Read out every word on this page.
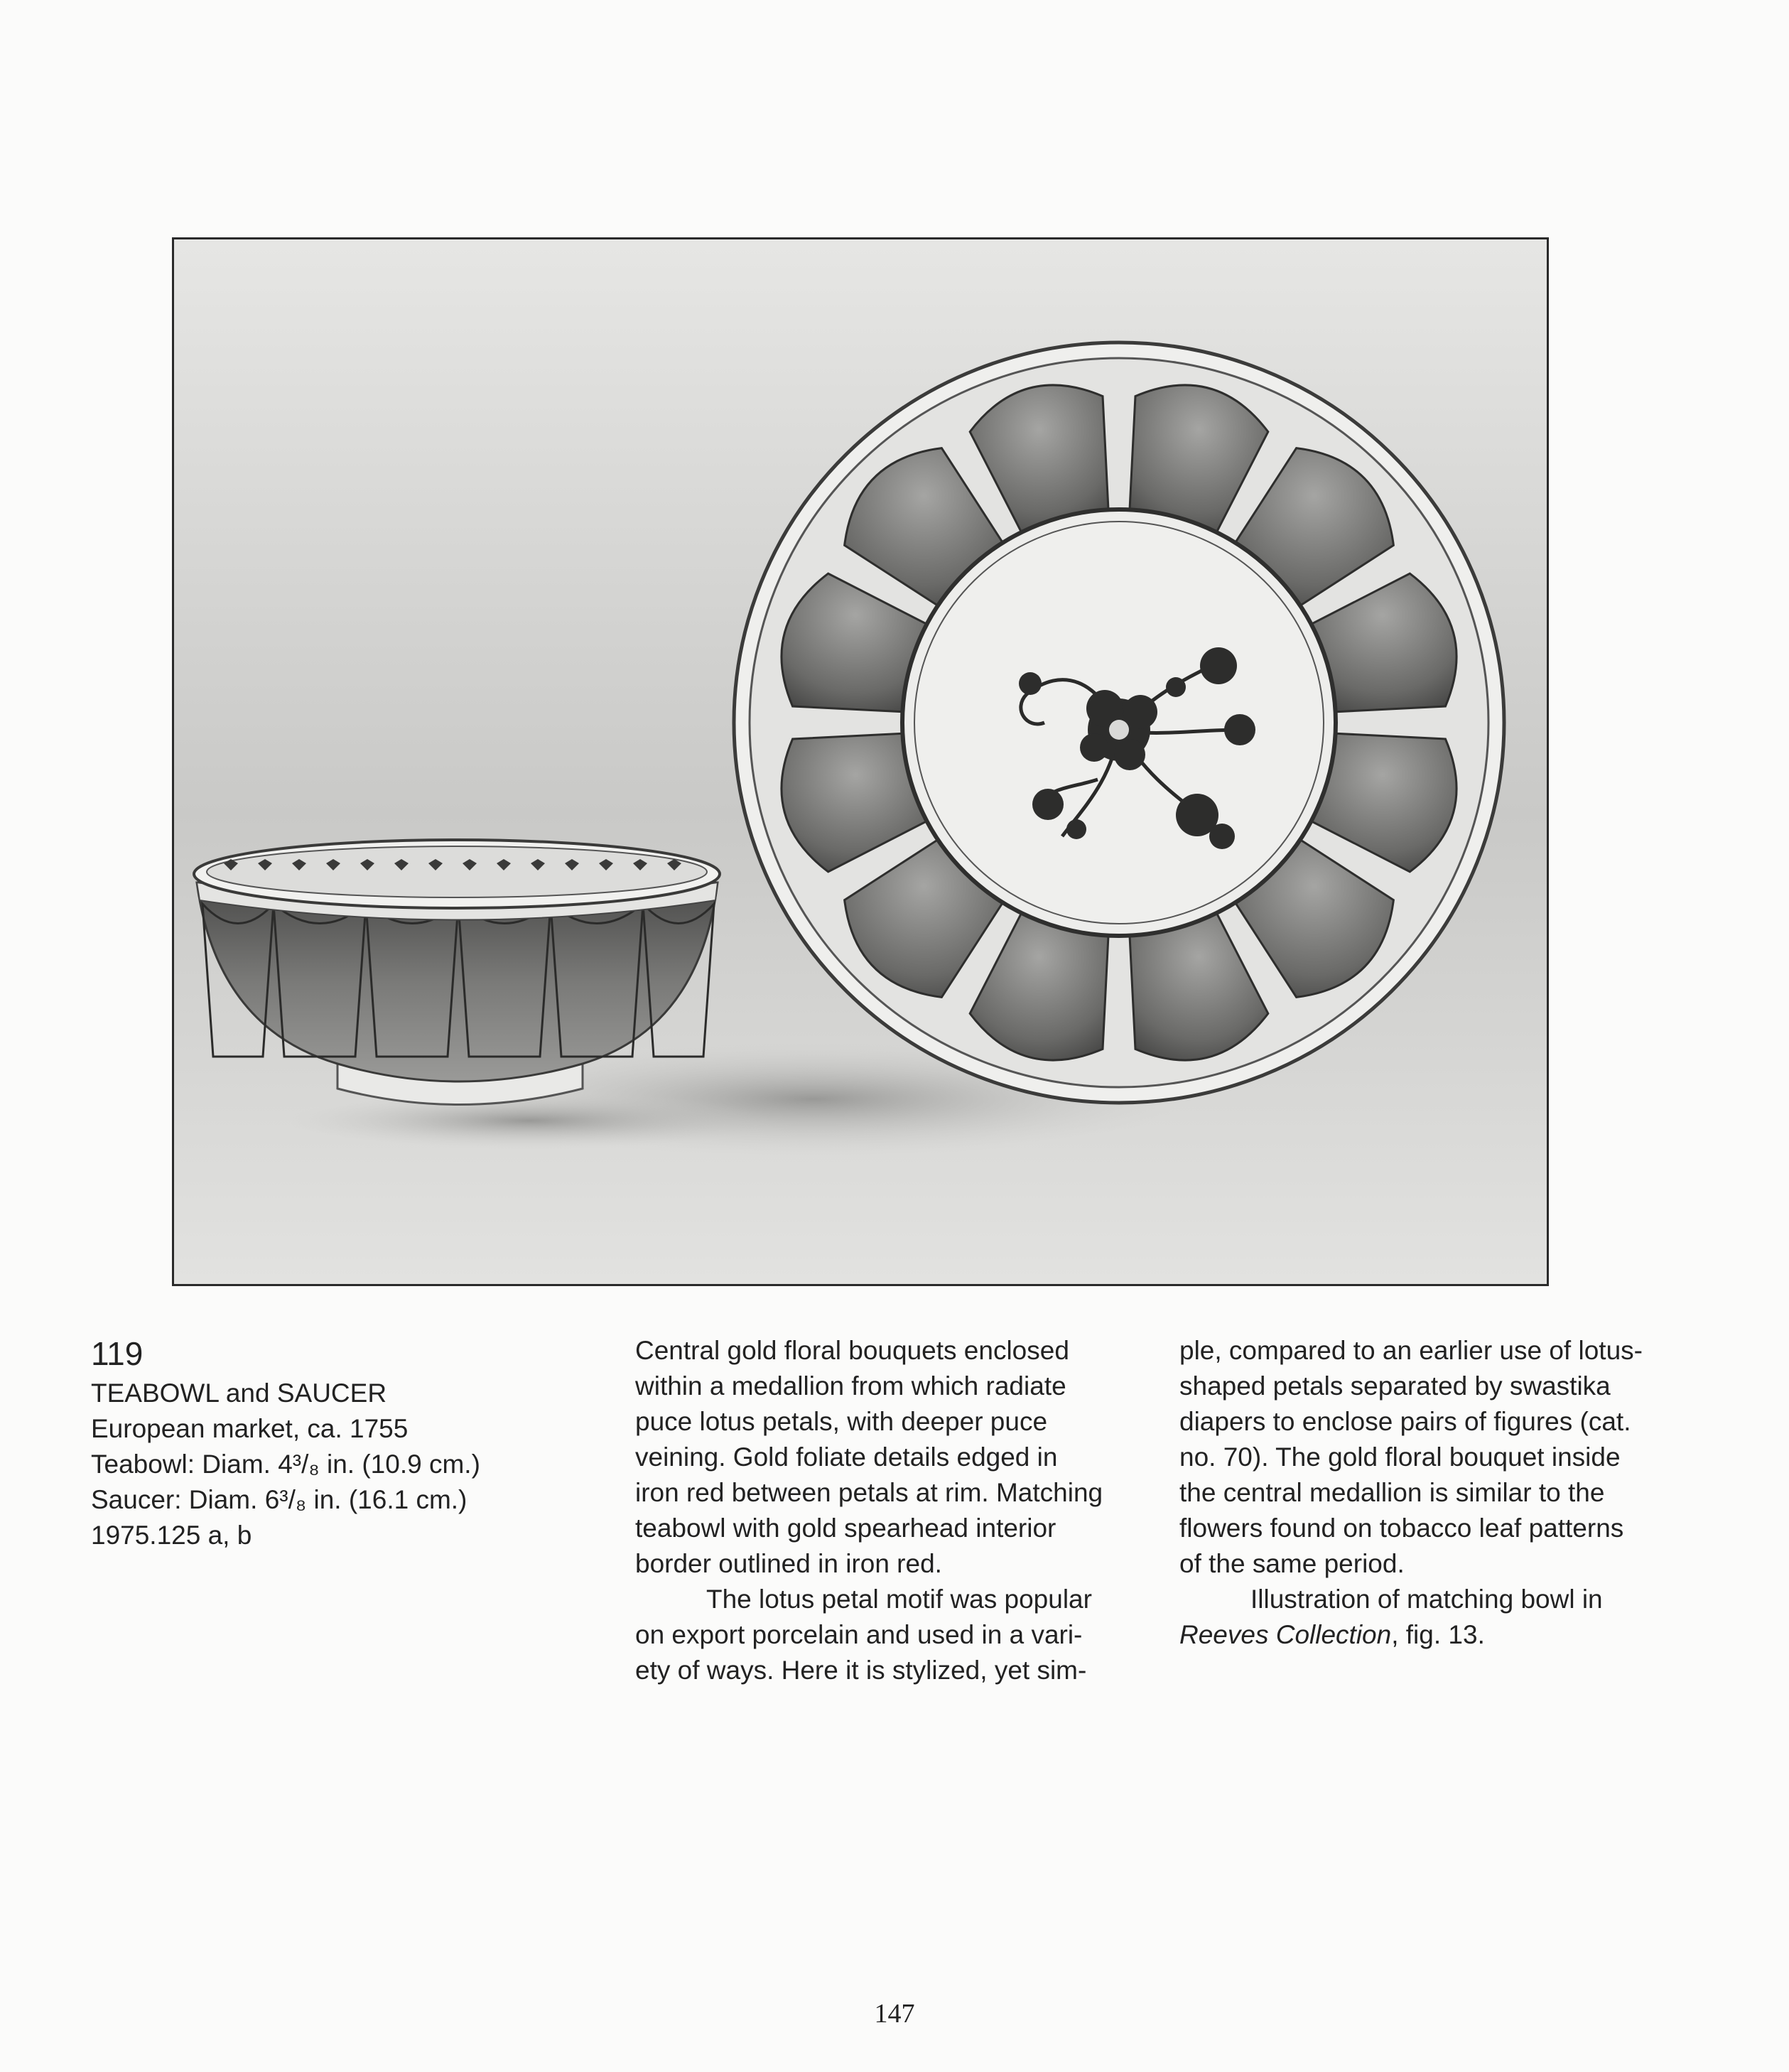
119
TEABOWL and SAUCER
European market, ca. 1755
Teabowl: Diam. 4³/₈ in. (10.9 cm.)
Saucer: Diam. 6³/₈ in. (16.1 cm.)
1975.125 a, b
Central gold floral bouquets enclosed
within a medallion from which radiate
puce lotus petals, with deeper puce
veining. Gold foliate details edged in
iron red between petals at rim. Matching
teabowl with gold spearhead interior
border outlined in iron red.
The lotus petal motif was popular
on export porcelain and used in a vari-
ety of ways. Here it is stylized, yet sim-
ple, compared to an earlier use of lotus-
shaped petals separated by swastika
diapers to enclose pairs of figures (cat.
no. 70). The gold floral bouquet inside
the central medallion is similar to the
flowers found on tobacco leaf patterns
of the same period.
Illustration of matching bowl in
Reeves Collection, fig. 13.
147
